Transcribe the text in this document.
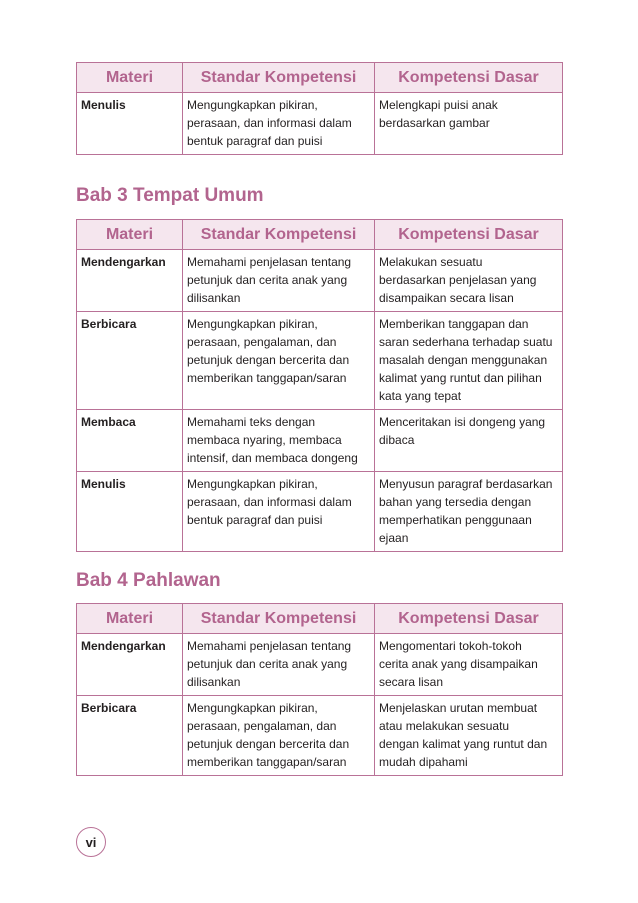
Materi	Standar Kompetensi	Kompetensi Dasar
Menulis	Mengungkapkan pikiran,
perasaan, dan informasi dalam
bentuk paragraf dan puisi	Melengkapi puisi anak
berdasarkan gambar
Bab 3 Tempat Umum
Materi	Standar Kompetensi	Kompetensi Dasar
Mendengarkan	Memahami penjelasan tentang
petunjuk dan cerita anak yang
dilisankan	Melakukan sesuatu
berdasarkan penjelasan yang
disampaikan secara lisan

Berbicara	Mengungkapkan pikiran,
perasaan, pengalaman, dan
petunjuk dengan bercerita dan
memberikan tanggapan/saran	Memberikan tanggapan dan
saran sederhana terhadap suatu
masalah dengan menggunakan
kalimat yang runtut dan pilihan
kata yang tepat

Membaca	Memahami teks dengan
membaca nyaring, membaca
intensif, dan membaca dongeng	Menceritakan isi dongeng yang
dibaca

Menulis	Mengungkapkan pikiran,
perasaan, dan informasi dalam
bentuk paragraf dan puisi	Menyusun paragraf berdasarkan
bahan yang tersedia dengan
memperhatikan penggunaan
ejaan
Bab 4 Pahlawan
Materi	Standar Kompetensi	Kompetensi Dasar
Mendengarkan	Memahami penjelasan tentang
petunjuk dan cerita anak yang
dilisankan	Mengomentari tokoh-tokoh
cerita anak yang disampaikan
secara lisan

Berbicara	Mengungkapkan pikiran,
perasaan, pengalaman, dan
petunjuk dengan bercerita dan
memberikan tanggapan/saran	Menjelaskan urutan membuat
atau melakukan sesuatu
dengan kalimat yang runtut dan
mudah dipahami
vi
